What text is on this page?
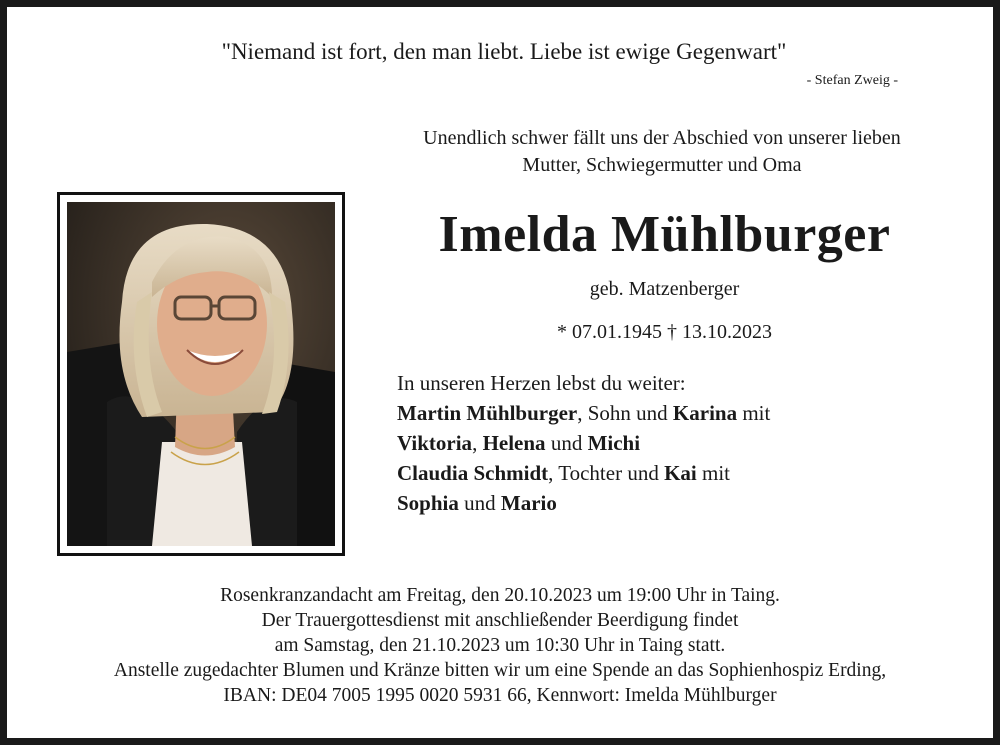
"Niemand ist fort, den man liebt. Liebe ist ewige Gegenwart"
- Stefan Zweig -
Unendlich schwer fällt uns der Abschied von unserer lieben
Mutter, Schwiegermutter und Oma
Imelda Mühlburger
geb. Matzenberger
* 07.01.1945 † 13.10.2023
In unseren Herzen lebst du weiter:
Martin Mühlburger, Sohn und Karina mit
Viktoria, Helena und Michi
Claudia Schmidt, Tochter und Kai mit
Sophia und Mario
Rosenkranzandacht am Freitag, den 20.10.2023 um 19:00 Uhr in Taing.
Der Trauergottesdienst mit anschließender Beerdigung findet
am Samstag, den 21.10.2023 um 10:30 Uhr in Taing statt.
Anstelle zugedachter Blumen und Kränze bitten wir um eine Spende an das Sophienhospiz Erding,
IBAN: DE04 7005 1995 0020 5931 66, Kennwort: Imelda Mühlburger
